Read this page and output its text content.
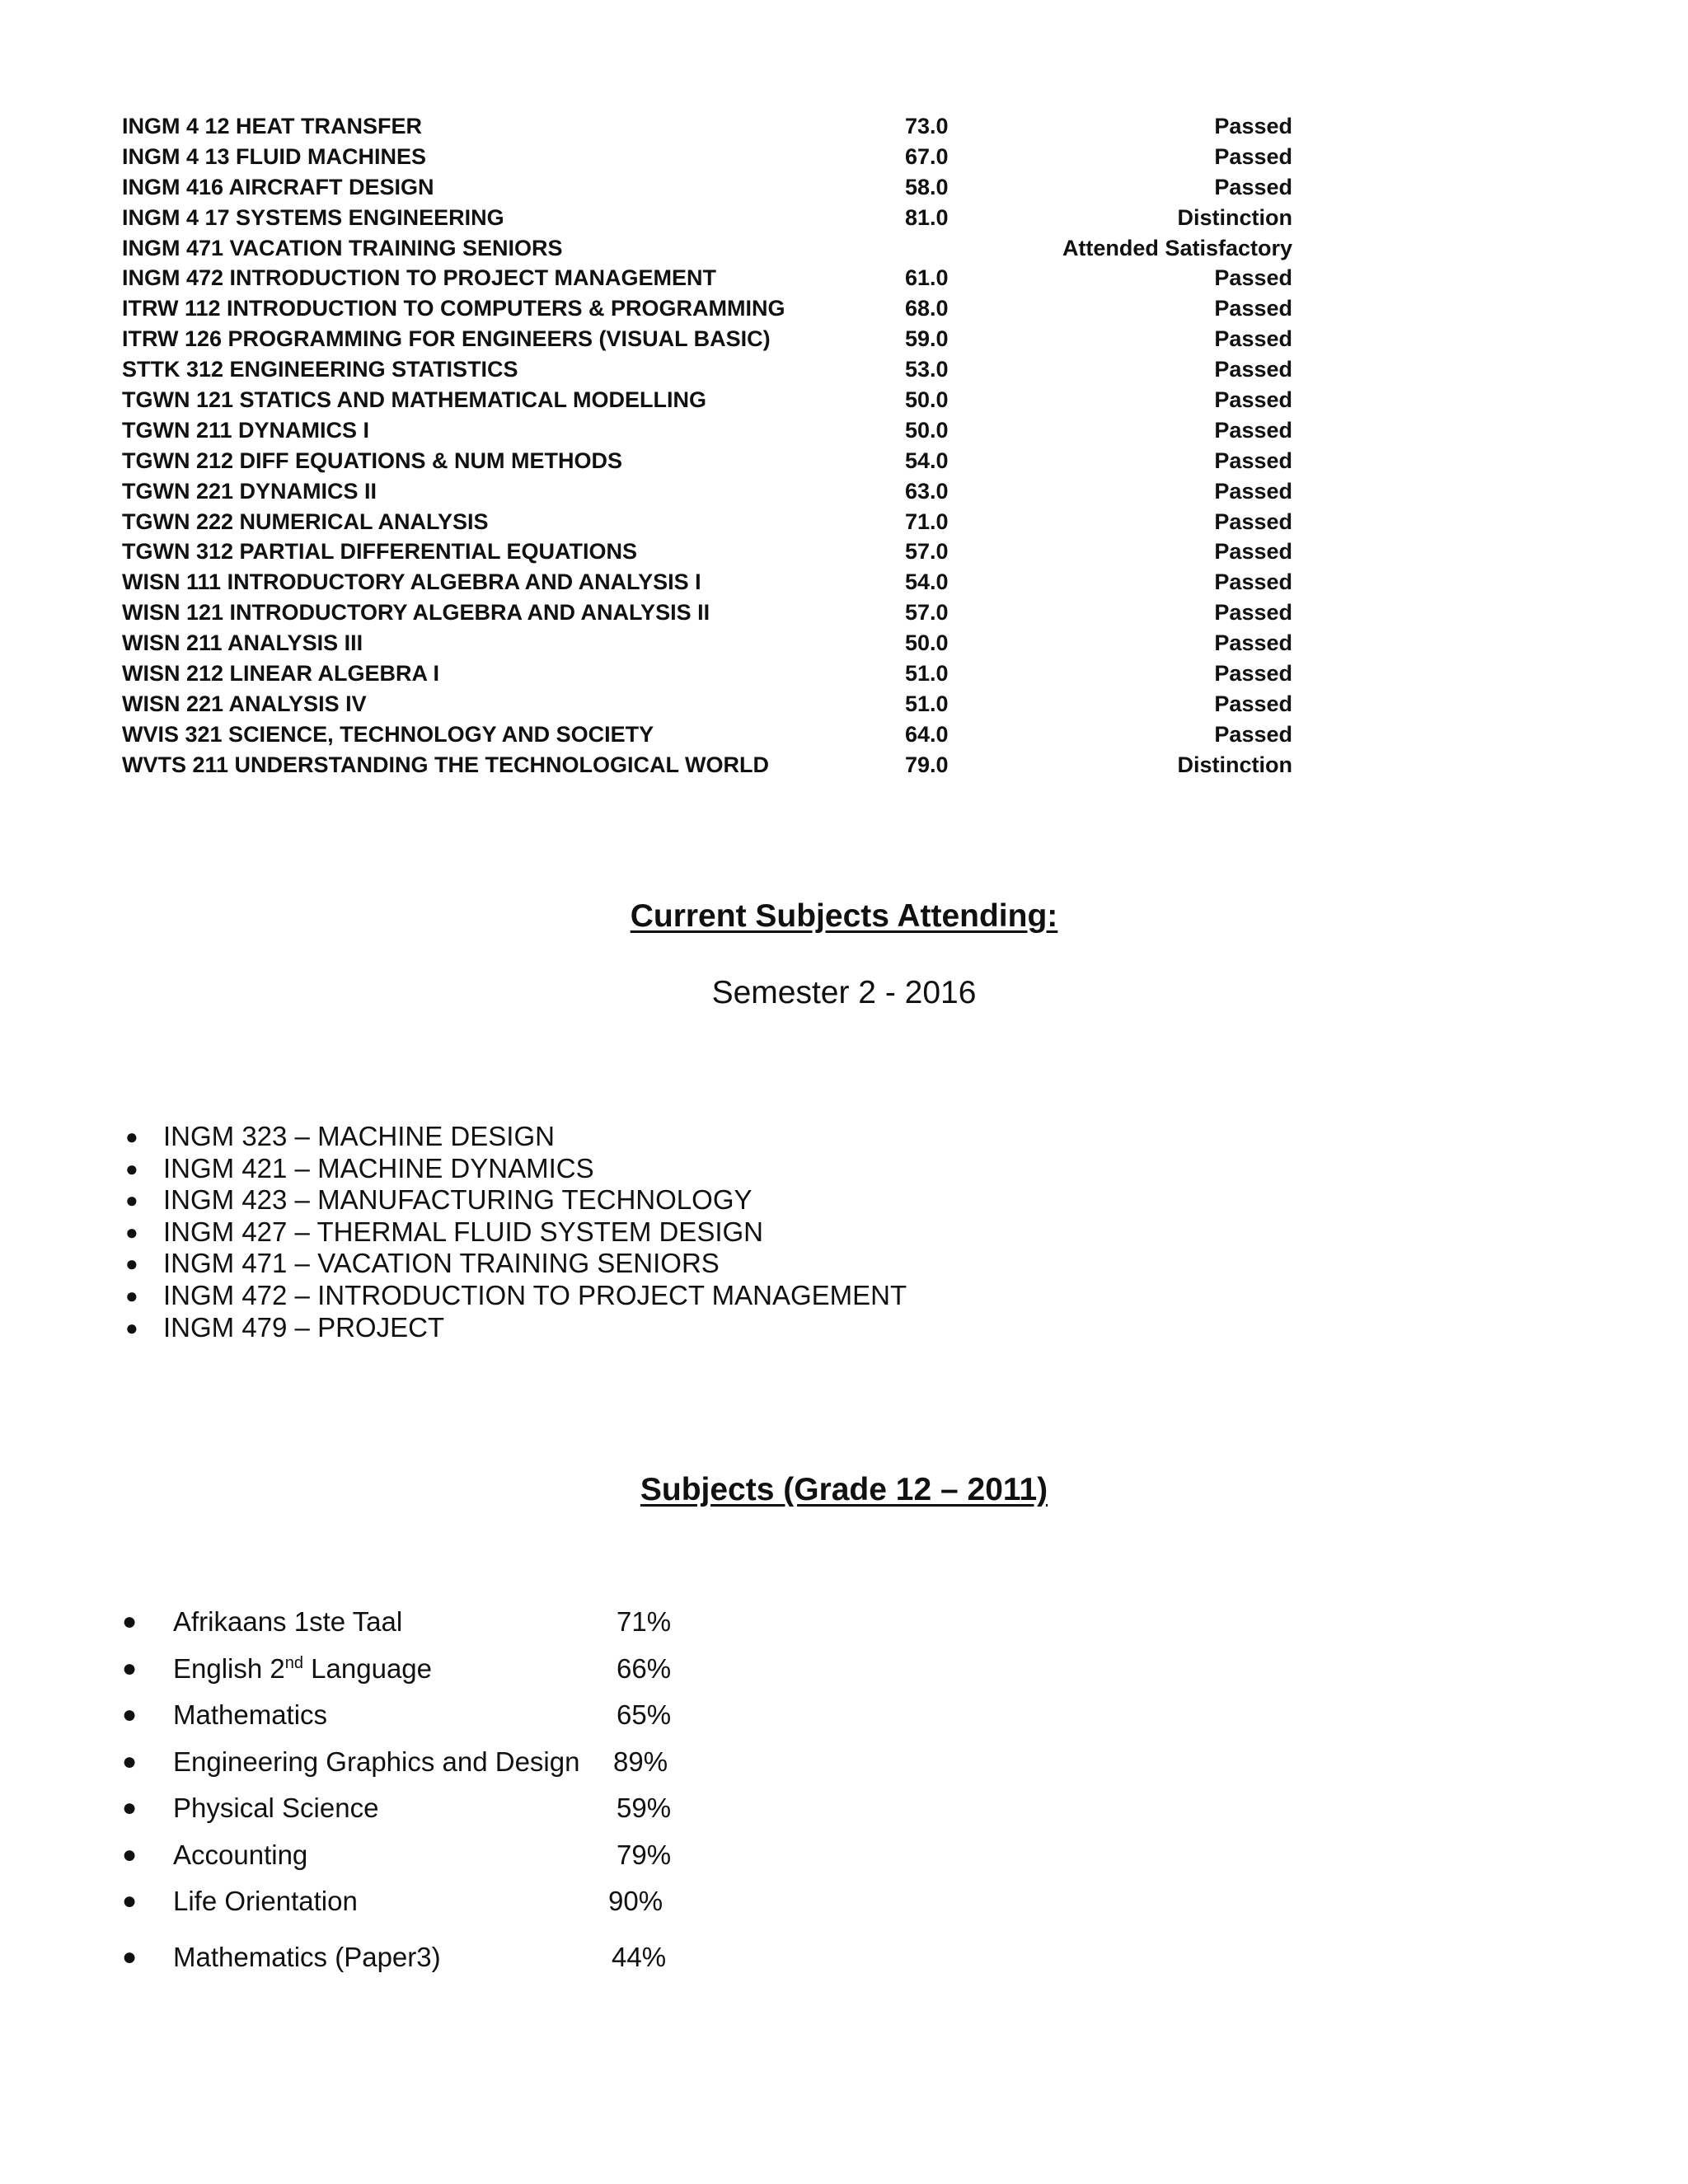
INGM 4 12 HEAT TRANSFER	73.0	Passed
INGM 4 13 FLUID MACHINES	67.0	Passed
INGM 416 AIRCRAFT DESIGN	58.0	Passed
INGM 4 17 SYSTEMS ENGINEERING	81.0	Distinction
INGM 471 VACATION TRAINING SENIORS	Attended Satisfactory
INGM 472 INTRODUCTION TO PROJECT MANAGEMENT	61.0	Passed
ITRW 112 INTRODUCTION TO COMPUTERS & PROGRAMMING	68.0	Passed
ITRW 126 PROGRAMMING FOR ENGINEERS (VISUAL BASIC)	59.0	Passed
STTK 312 ENGINEERING STATISTICS	53.0	Passed
TGWN 121 STATICS AND MATHEMATICAL MODELLING	50.0	Passed
TGWN 211 DYNAMICS I	50.0	Passed
TGWN 212 DIFF EQUATIONS & NUM METHODS	54.0	Passed
TGWN 221 DYNAMICS II	63.0	Passed
TGWN 222 NUMERICAL ANALYSIS	71.0	Passed
TGWN 312 PARTIAL DIFFERENTIAL EQUATIONS	57.0	Passed
WISN 111 INTRODUCTORY ALGEBRA AND ANALYSIS I	54.0	Passed
WISN 121 INTRODUCTORY ALGEBRA AND ANALYSIS II	57.0	Passed
WISN 211 ANALYSIS III	50.0	Passed
WISN 212 LINEAR ALGEBRA I	51.0	Passed
WISN 221 ANALYSIS IV	51.0	Passed
WVIS 321 SCIENCE, TECHNOLOGY AND SOCIETY	64.0	Passed
WVTS 211 UNDERSTANDING THE TECHNOLOGICAL WORLD	79.0	Distinction
Current Subjects Attending:
Semester 2 - 2016
● INGM 323 – MACHINE DESIGN
● INGM 421 – MACHINE DYNAMICS
● INGM 423 – MANUFACTURING TECHNOLOGY
● INGM 427 – THERMAL FLUID SYSTEM DESIGN
● INGM 471 – VACATION TRAINING SENIORS
● INGM 472 – INTRODUCTION TO PROJECT MANAGEMENT
● INGM 479 – PROJECT
Subjects (Grade 12 – 2011)
● Afrikaans 1ste Taal	71%
● English 2nd Language	66%
● Mathematics	65%
● Engineering Graphics and Design 89%
● Physical Science	59%
● Accounting	79%
● Life Orientation	90%
● Mathematics (Paper3)	44%
